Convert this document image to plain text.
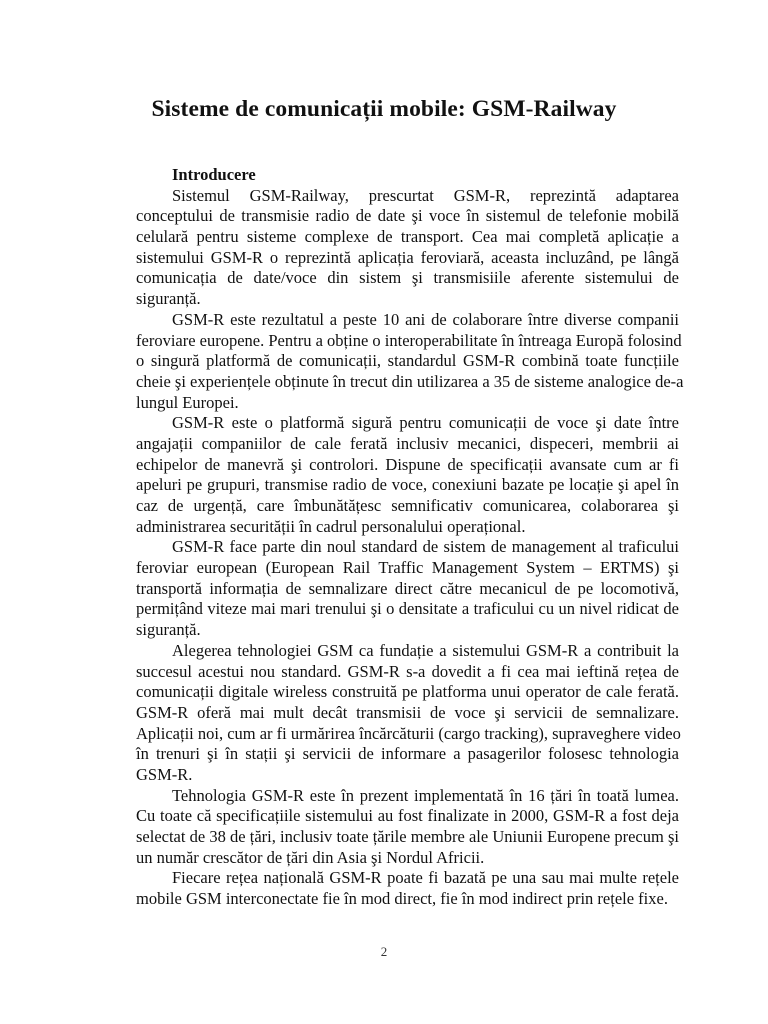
Sisteme de comunicații mobile: GSM-Railway
Introducere
Sistemul GSM-Railway, prescurtat GSM-R, reprezintă adaptarea
conceptului de transmisie radio de date şi voce în sistemul de telefonie mobilă
celulară pentru sisteme complexe de transport. Cea mai completă aplicație a
sistemului GSM-R o reprezintă aplicația feroviară, aceasta incluzând, pe lângă
comunicația de date/voce din sistem şi transmisiile aferente sistemului de
siguranță.
GSM-R este rezultatul a peste 10 ani de colaborare între diverse companii
feroviare europene. Pentru a obține o interoperabilitate în întreaga Europă folosind
o singură platformă de comunicații, standardul GSM-R combină toate funcțiile
cheie şi experiențele obținute în trecut din utilizarea a 35 de sisteme analogice de-a
lungul Europei.
GSM-R este o platformă sigură pentru comunicații de voce şi date între
angajații companiilor de cale ferată inclusiv mecanici, dispeceri, membrii ai
echipelor de manevră şi controlori. Dispune de specificații avansate cum ar fi
apeluri pe grupuri, transmise radio de voce, conexiuni bazate pe locație şi apel în
caz de urgență, care îmbunătățesc semnificativ comunicarea, colaborarea şi
administrarea securității în cadrul personalului operațional.
GSM-R face parte din noul standard de sistem de management al traficului
feroviar european (European Rail Traffic Management System – ERTMS) şi
transportă informația de semnalizare direct către mecanicul de pe locomotivă,
permițând viteze mai mari trenului şi o densitate a traficului cu un nivel ridicat de
siguranță.
Alegerea tehnologiei GSM ca fundație a sistemului GSM-R a contribuit la
succesul acestui nou standard. GSM-R s-a dovedit a fi cea mai ieftină rețea de
comunicații digitale wireless construită pe platforma unui operator de cale ferată.
GSM-R oferă mai mult decât transmisii de voce şi servicii de semnalizare.
Aplicații noi, cum ar fi urmărirea încărcăturii (cargo tracking), supraveghere video
în trenuri şi în stații şi servicii de informare a pasagerilor folosesc tehnologia
GSM-R.
Tehnologia GSM-R este în prezent implementată în 16 țări în toată lumea.
Cu toate că specificațiile sistemului au fost finalizate in 2000, GSM-R a fost deja
selectat de 38 de țări, inclusiv toate țările membre ale Uniunii Europene precum şi
un număr crescător de țări din Asia şi Nordul Africii.
Fiecare rețea națională GSM-R poate fi bazată pe una sau mai multe rețele
mobile GSM interconectate fie în mod direct, fie în mod indirect prin rețele fixe.
2
